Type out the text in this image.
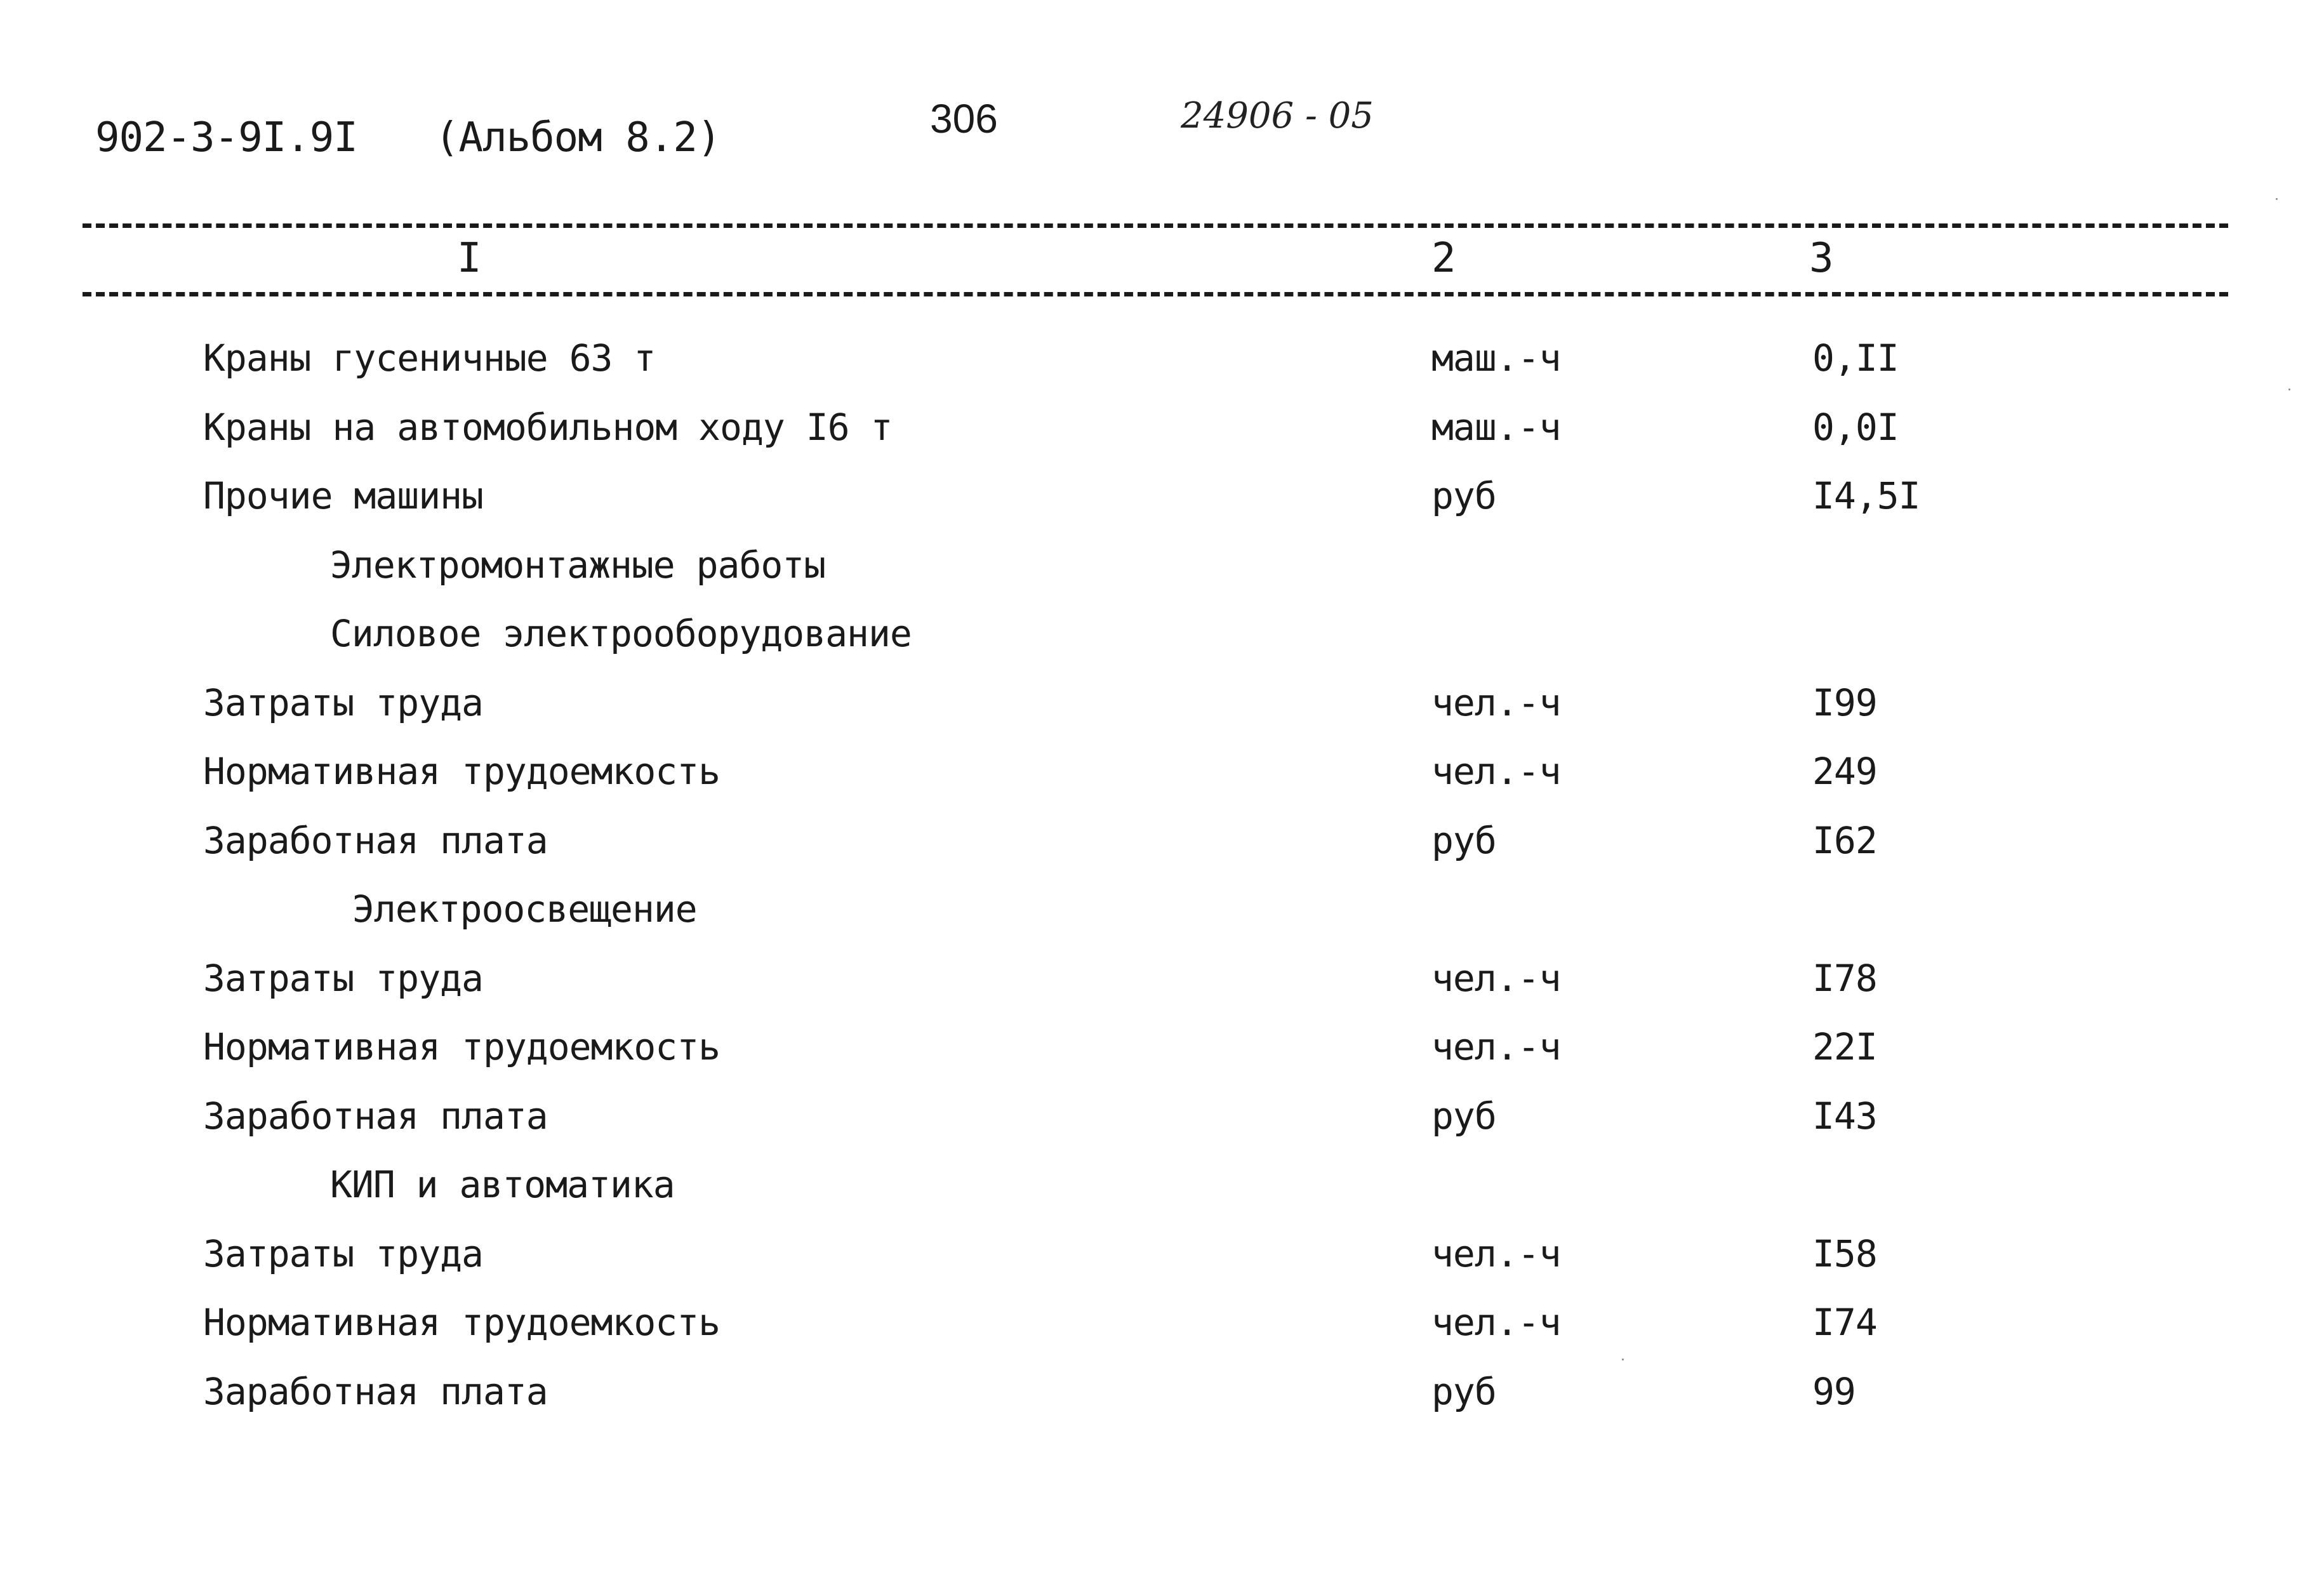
902-3-9I.9I (Альбом 8.2)	306	24906 - 05
I	2	3
Краны гусеничные 63 т	маш.-ч	0,II
Краны на автомобильном ходу I6 т	маш.-ч	0,0I
Прочие машины	руб	I4,5I
Электромонтажные работы
Силовое электрооборудование
Затраты труда	чел.-ч	I99
Нормативная трудоемкость	чел.-ч	249
Заработная плата	руб	I62
Электроосвещение
Затраты труда	чел.-ч	I78
Нормативная трудоемкость	чел.-ч	22I
Заработная плата	руб	I43
КИП и автоматика
Затраты труда	чел.-ч	I58
Нормативная трудоемкость	чел.-ч	I74
Заработная плата	руб	99
